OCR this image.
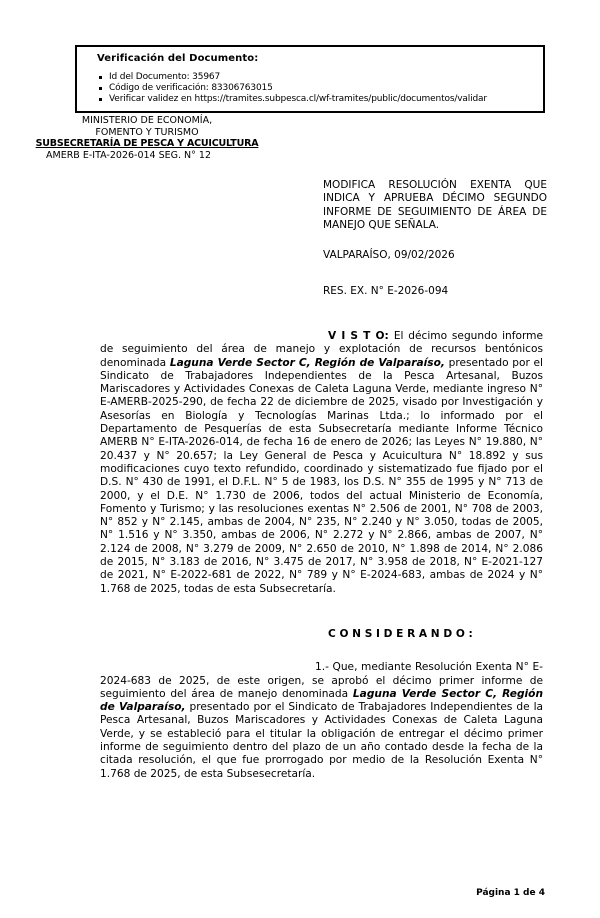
Verificación del Documento:
Id del Documento: 35967
Código de verificación: 83306763015
Verificar validez en https://tramites.subpesca.cl/wf-tramites/public/documentos/validar
MINISTERIO DE ECONOMÍA,
FOMENTO Y TURISMO
SUBSECRETARÍA DE PESCA Y ACUICULTURA
AMERB E-ITA-2026-014 SEG. N° 12

MODIFICA RESOLUCIÓN EXENTA QUE INDICA Y APRUEBA DÉCIMO SEGUNDO INFORME DE SEGUIMIENTO DE ÁREA DE MANEJO QUE SEÑALA.

VALPARAÍSO, 09/02/2026

RES. EX. N° E-2026-094

V I S T O: El décimo segundo informe de seguimiento del área de manejo y explotación de recursos bentónicos denominada Laguna Verde Sector C, Región de Valparaíso, presentado por el Sindicato de Trabajadores Independientes de la Pesca Artesanal, Buzos Mariscadores y Actividades Conexas de Caleta Laguna Verde, mediante ingreso N° E-AMERB-2025-290, de fecha 22 de diciembre de 2025, visado por Investigación y Asesorías en Biología y Tecnologías Marinas Ltda.; lo informado por el Departamento de Pesquerías de esta Subsecretaría mediante Informe Técnico AMERB N° E-ITA-2026-014, de fecha 16 de enero de 2026; las Leyes N° 19.880, N° 20.437 y N° 20.657; la Ley General de Pesca y Acuicultura N° 18.892 y sus modificaciones cuyo texto refundido, coordinado y sistematizado fue fijado por el D.S. N° 430 de 1991, el D.F.L. N° 5 de 1983, los D.S. N° 355 de 1995 y N° 713 de 2000, y el D.E. N° 1.730 de 2006, todos del actual Ministerio de Economía, Fomento y Turismo; y las resoluciones exentas N° 2.506 de 2001, N° 708 de 2003, N° 852 y N° 2.145, ambas de 2004, N° 235, N° 2.240 y N° 3.050, todas de 2005, N° 1.516 y N° 3.350, ambas de 2006, N° 2.272 y N° 2.866, ambas de 2007, N° 2.124 de 2008, N° 3.279 de 2009, N° 2.650 de 2010, N° 1.898 de 2014, N° 2.086 de 2015, N° 3.183 de 2016, N° 3.475 de 2017, N° 3.958 de 2018, N° E-2021-127 de 2021, N° E-2022-681 de 2022, N° 789 y N° E-2024-683, ambas de 2024 y N° 1.768 de 2025, todas de esta Subsecretaría.

C O N S I D E R A N D O :

1.- Que, mediante Resolución Exenta N° E-2024-683 de 2025, de este origen, se aprobó el décimo primer informe de seguimiento del área de manejo denominada Laguna Verde Sector C, Región de Valparaíso, presentado por el Sindicato de Trabajadores Independientes de la Pesca Artesanal, Buzos Mariscadores y Actividades Conexas de Caleta Laguna Verde, y se estableció para el titular la obligación de entregar el décimo primer informe de seguimiento dentro del plazo de un año contado desde la fecha de la citada resolución, el que fue prorrogado por medio de la Resolución Exenta N° 1.768 de 2025, de esta Subsesecretaría.

Página 1 de 4
